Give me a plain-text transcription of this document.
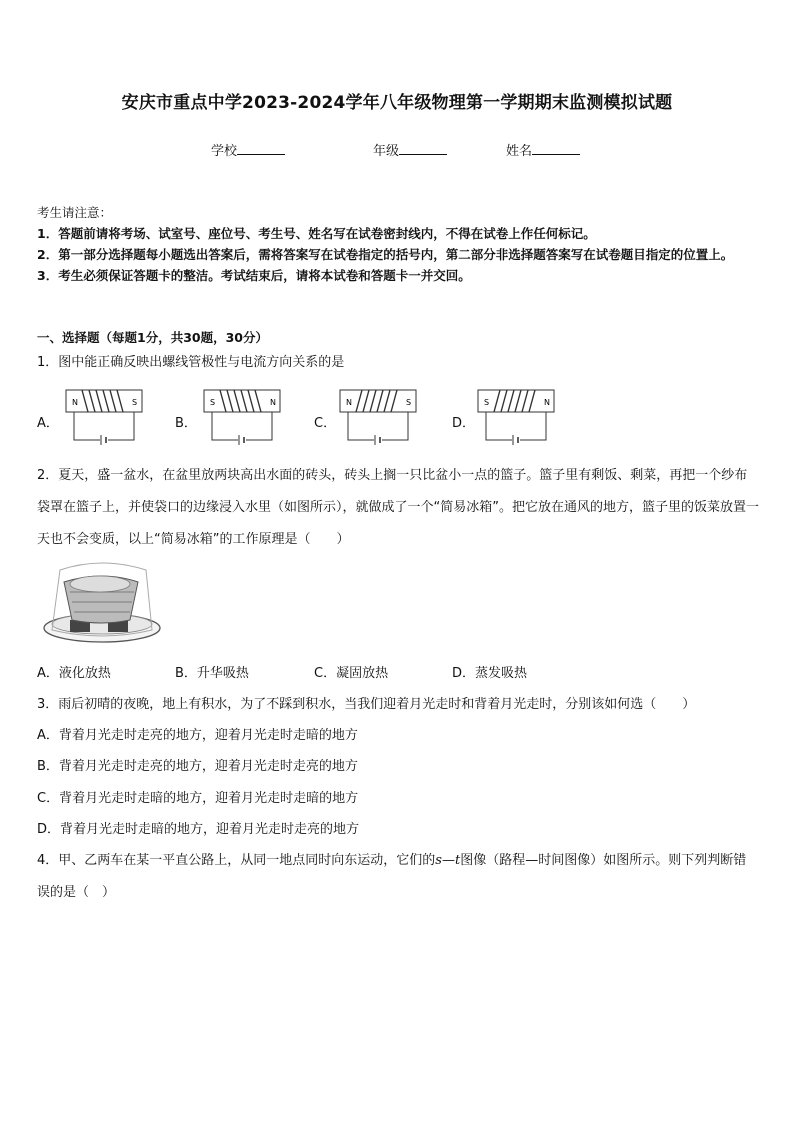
安庆市重点中学2023-2024学年八年级物理第一学期期末监测模拟试题
学校	年级	姓名
考生请注意：
1．答题前请将考场、试室号、座位号、考生号、姓名写在试卷密封线内，不得在试卷上作任何标记。
2．第一部分选择题每小题选出答案后，需将答案写在试卷指定的括号内，第二部分非选择题答案写在试卷题目指定的位置上。
3．考生必须保证答题卡的整洁。考试结束后，请将本试卷和答题卡一并交回。
一、选择题（每题1分，共30题，30分）
1．图中能正确反映出螺线管极性与电流方向关系的是
A．
N	S
B．
S	N
C．
N	S
D．
S	N
2．夏天，盛一盆水，在盆里放两块高出水面的砖头，砖头上搁一只比盆小一点的篮子。篮子里有剩饭、剩菜，再把一个纱布袋罩在篮子上，并使袋口的边缘浸入水里（如图所示），就做成了一个“简易冰箱”。把它放在通风的地方，篮子里的饭菜放置一天也不会变质，以上“简易冰箱”的工作原理是（　　）
A．液化放热	B．升华吸热	C．凝固放热	D．蒸发吸热
3．雨后初晴的夜晚，地上有积水，为了不踩到积水，当我们迎着月光走时和背着月光走时，分别该如何选（　　）
A．背着月光走时走亮的地方，迎着月光走时走暗的地方
B．背着月光走时走亮的地方，迎着月光走时走亮的地方
C．背着月光走时走暗的地方，迎着月光走时走暗的地方
D．背着月光走时走暗的地方，迎着月光走时走亮的地方
4．甲、乙两车在某一平直公路上，从同一地点同时向东运动，它们的s—t图像（路程—时间图像）如图所示。则下列判断错误的是（　）
